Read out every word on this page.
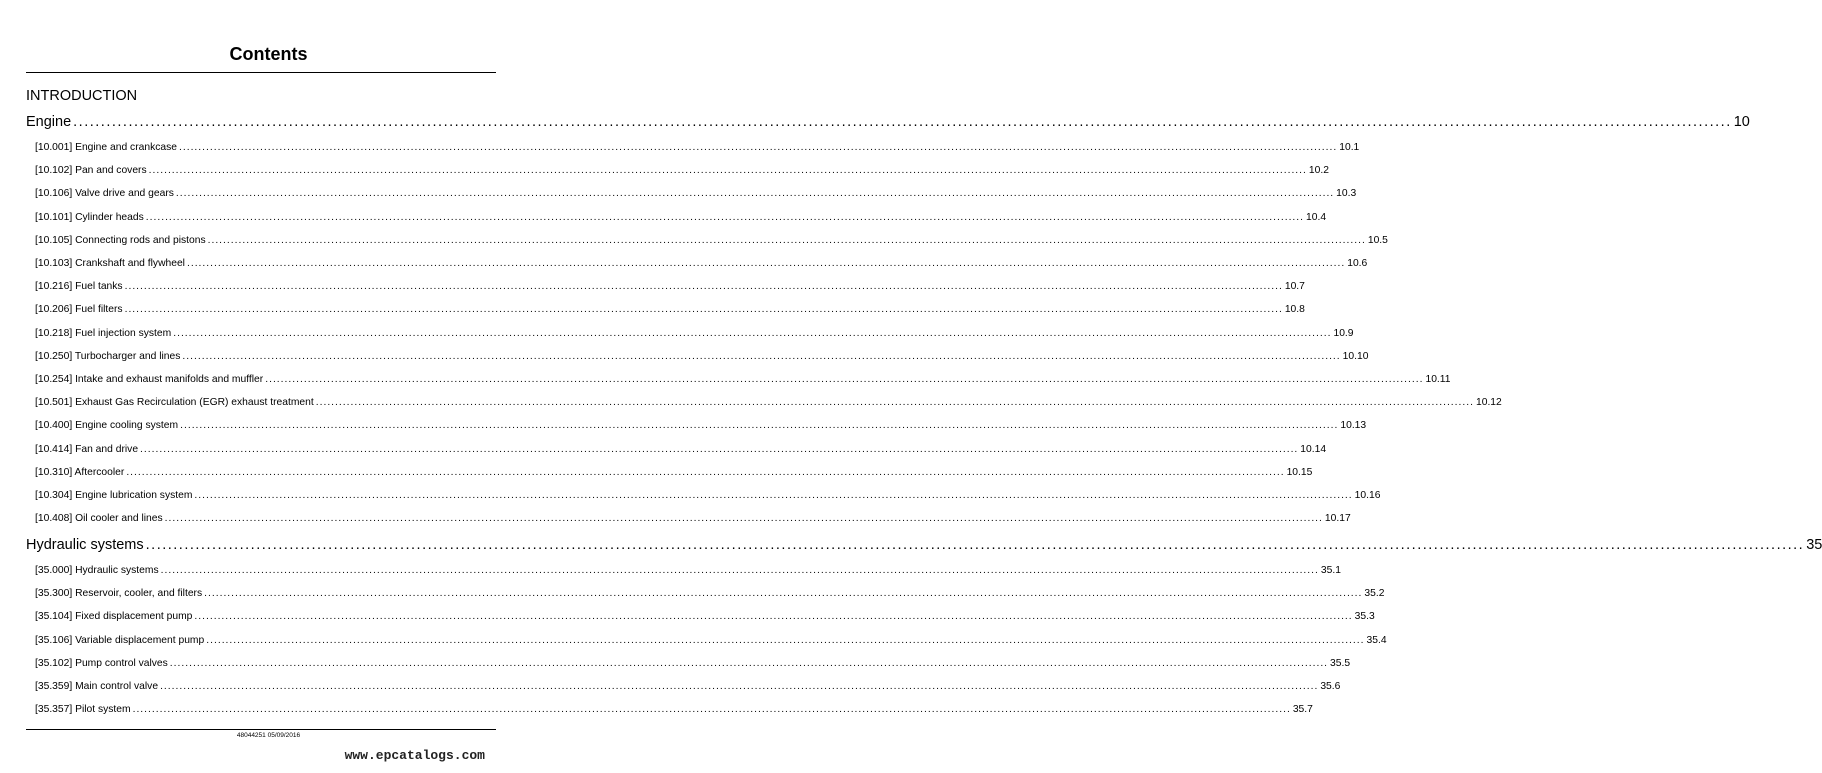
Contents
INTRODUCTION
Engine ............................................................................................................................................................................................................................................................................................................ 10
[10.001] Engine and crankcase ............................................................................................................................................................................................................................................................................................................ 10.1
[10.102] Pan and covers ............................................................................................................................................................................................................................................................................................................ 10.2
[10.106] Valve drive and gears ............................................................................................................................................................................................................................................................................................................ 10.3
[10.101] Cylinder heads ............................................................................................................................................................................................................................................................................................................ 10.4
[10.105] Connecting rods and pistons ............................................................................................................................................................................................................................................................................................................ 10.5
[10.103] Crankshaft and flywheel ............................................................................................................................................................................................................................................................................................................ 10.6
[10.216] Fuel tanks ............................................................................................................................................................................................................................................................................................................ 10.7
[10.206] Fuel filters ............................................................................................................................................................................................................................................................................................................ 10.8
[10.218] Fuel injection system ............................................................................................................................................................................................................................................................................................................ 10.9
[10.250] Turbocharger and lines ............................................................................................................................................................................................................................................................................................................ 10.10
[10.254] Intake and exhaust manifolds and muffler ............................................................................................................................................................................................................................................................................................................ 10.11
[10.501] Exhaust Gas Recirculation (EGR) exhaust treatment ............................................................................................................................................................................................................................................................................................................ 10.12
[10.400] Engine cooling system ............................................................................................................................................................................................................................................................................................................ 10.13
[10.414] Fan and drive ............................................................................................................................................................................................................................................................................................................ 10.14
[10.310] Aftercooler ............................................................................................................................................................................................................................................................................................................ 10.15
[10.304] Engine lubrication system ............................................................................................................................................................................................................................................................................................................ 10.16
[10.408] Oil cooler and lines ............................................................................................................................................................................................................................................................................................................ 10.17
Hydraulic systems ............................................................................................................................................................................................................................................................................................................ 35
[35.000] Hydraulic systems ............................................................................................................................................................................................................................................................................................................ 35.1
[35.300] Reservoir, cooler, and filters ............................................................................................................................................................................................................................................................................................................ 35.2
[35.104] Fixed displacement pump ............................................................................................................................................................................................................................................................................................................ 35.3
[35.106] Variable displacement pump ............................................................................................................................................................................................................................................................................................................ 35.4
[35.102] Pump control valves ............................................................................................................................................................................................................................................................................................................ 35.5
[35.359] Main control valve ............................................................................................................................................................................................................................................................................................................ 35.6
[35.357] Pilot system ............................................................................................................................................................................................................................................................................................................ 35.7
48044251 05/09/2016
www.epcatalogs.com
